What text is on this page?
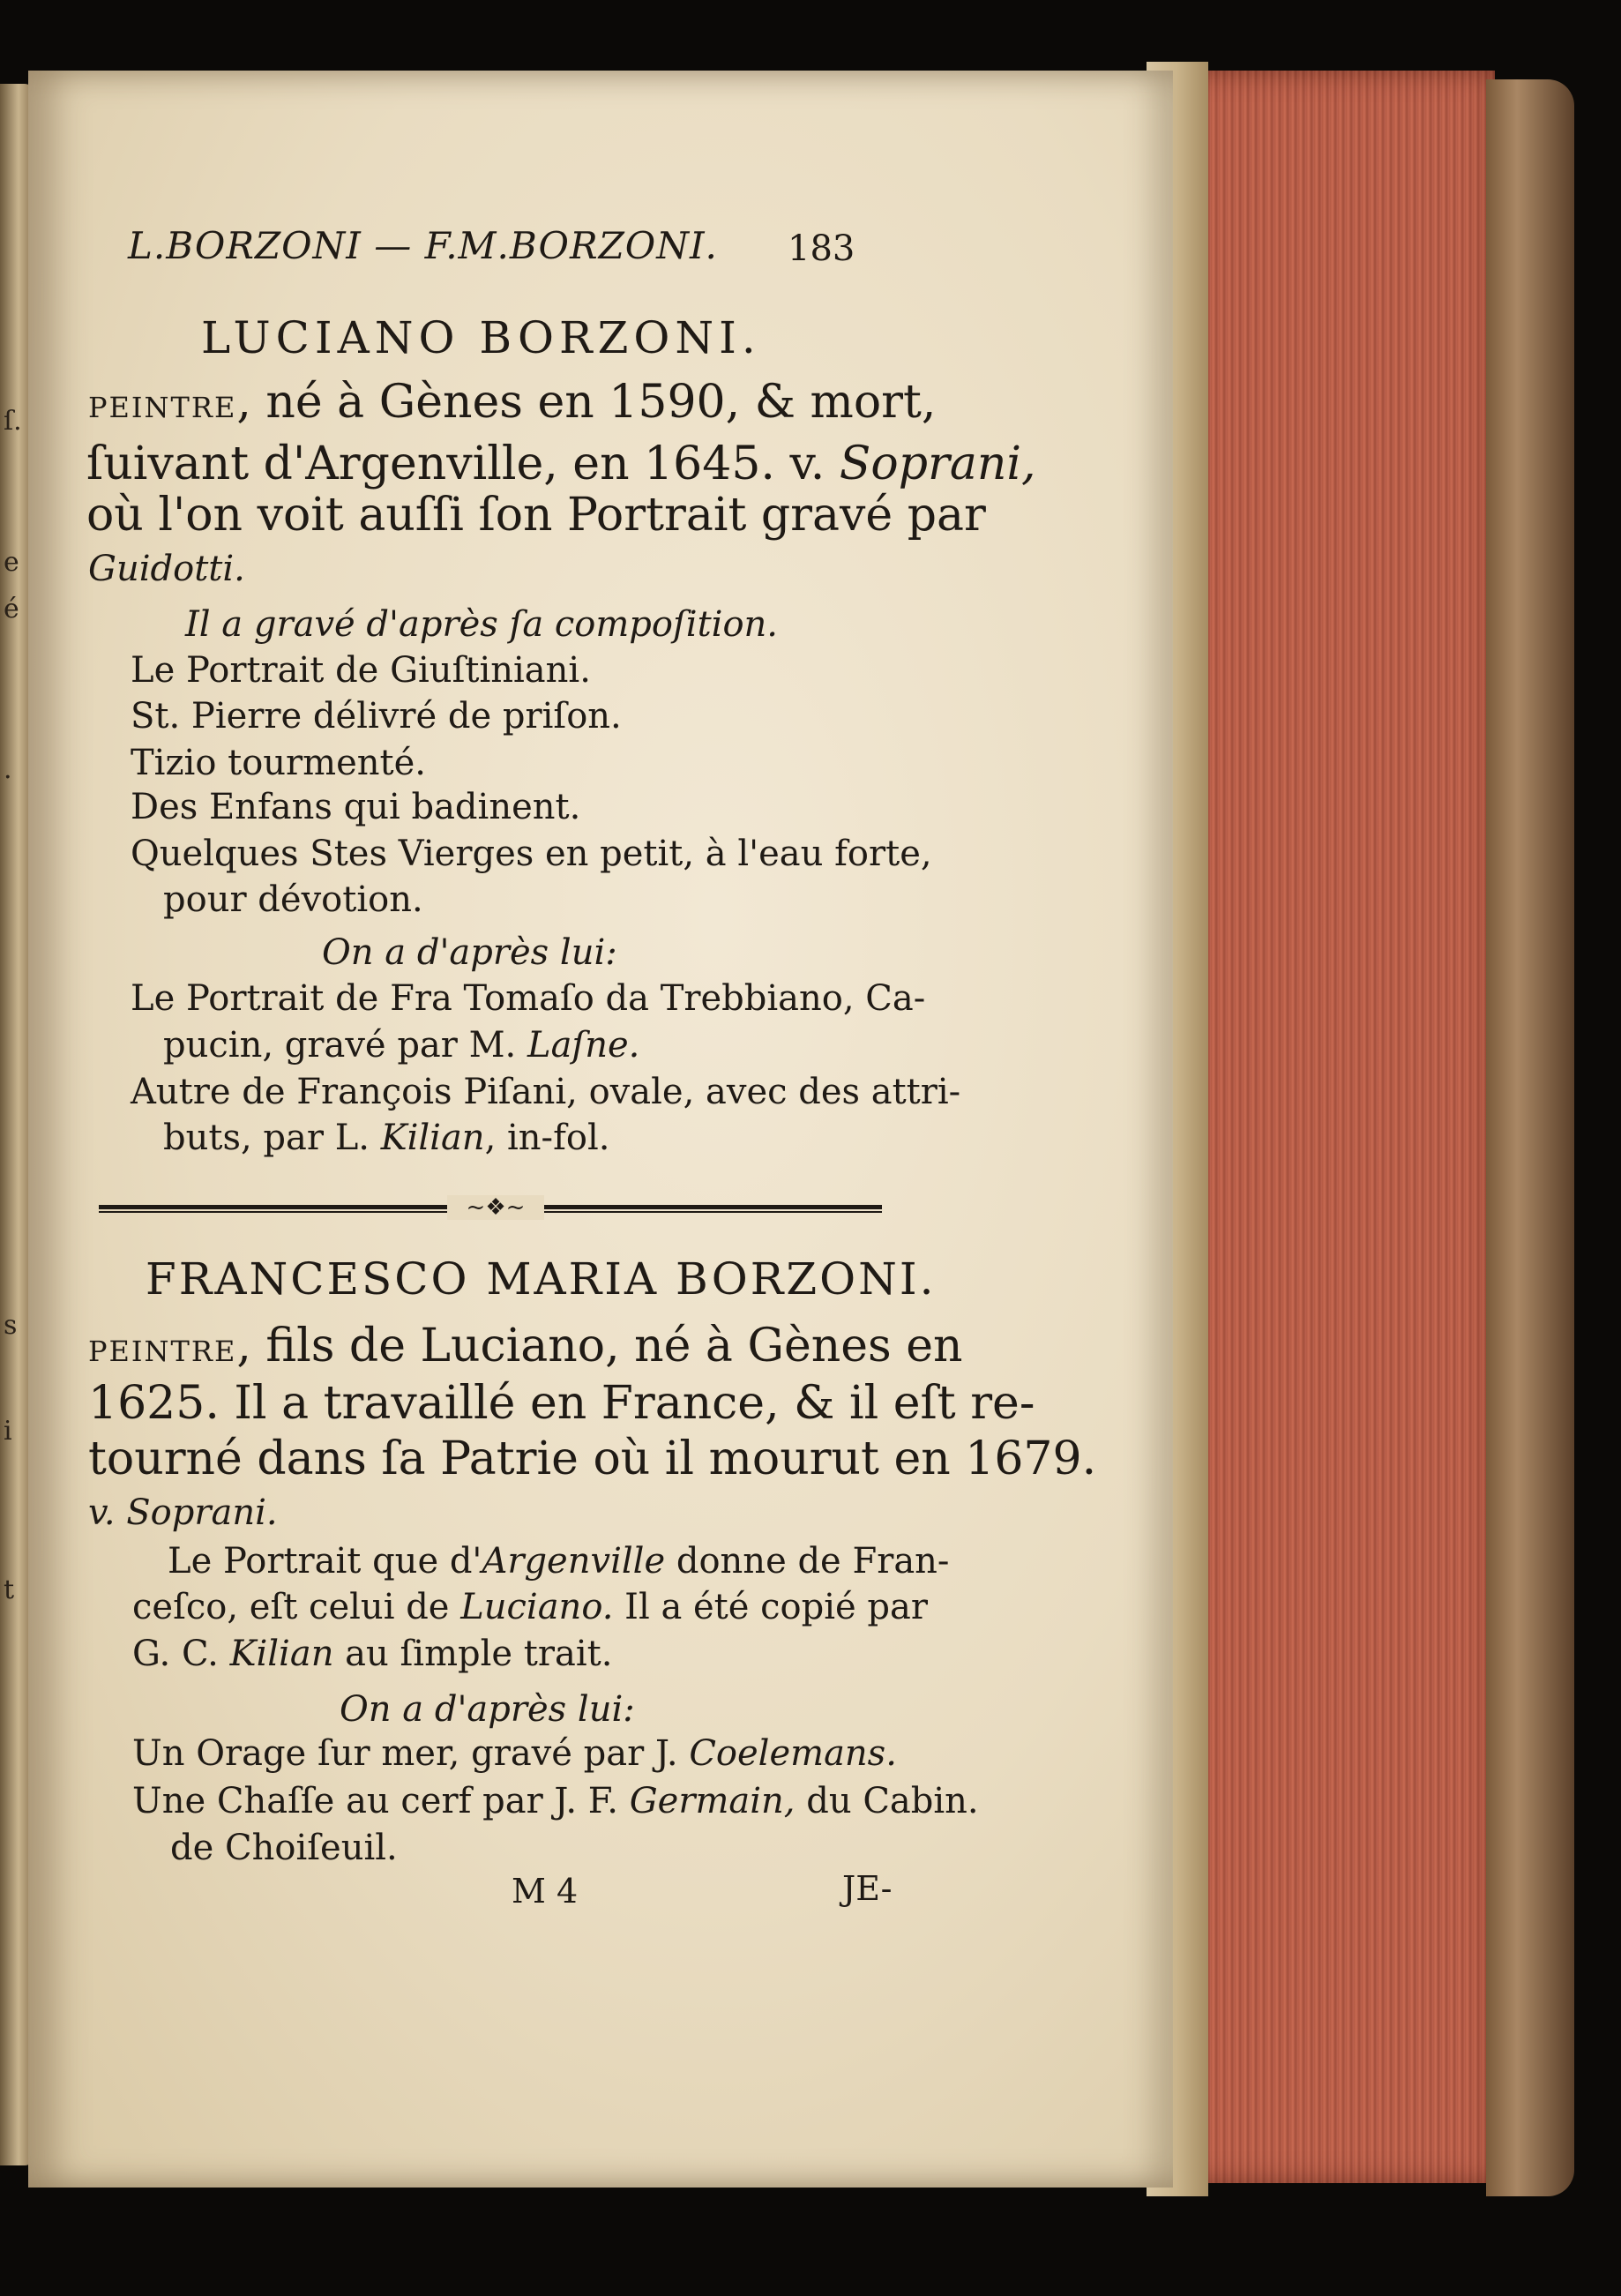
ſ.
e
é
.
s
i
t
L.BORZONI — F.M.BORZONI. 183
LUCIANO BORZONI.
PEINTRE, né à Gènes en 1590, & mort,
ſuivant d'Argenville, en 1645. v. Soprani,
où l'on voit auſſi ſon Portrait gravé par
Guidotti.
Il a gravé d'après ſa compoſition.
Le Portrait de Giuſtiniani.
St. Pierre délivré de priſon.
Tizio tourmenté.
Des Enfans qui badinent.
Quelques Stes Vierges en petit, à l'eau forte,
pour dévotion.
On a d'après lui:
Le Portrait de Fra Tomaſo da Trebbiano, Ca-
pucin, gravé par M. Laſne.
Autre de François Piſani, ovale, avec des attri-
buts, par L. Kilian, in-fol.
~❖~
FRANCESCO MARIA BORZONI.
PEINTRE, fils de Luciano, né à Gènes en
1625. Il a travaillé en France, & il eſt re-
tourné dans ſa Patrie où il mourut en 1679.
v. Soprani.
Le Portrait que d'Argenville donne de Fran-
ceſco, eſt celui de Luciano. Il a été copié par
G. C. Kilian au ſimple trait.
On a d'après lui:
Un Orage ſur mer, gravé par J. Coelemans.
Une Chaſſe au cerf par J. F. Germain, du Cabin.
de Choiſeuil.
M 4	JE-
